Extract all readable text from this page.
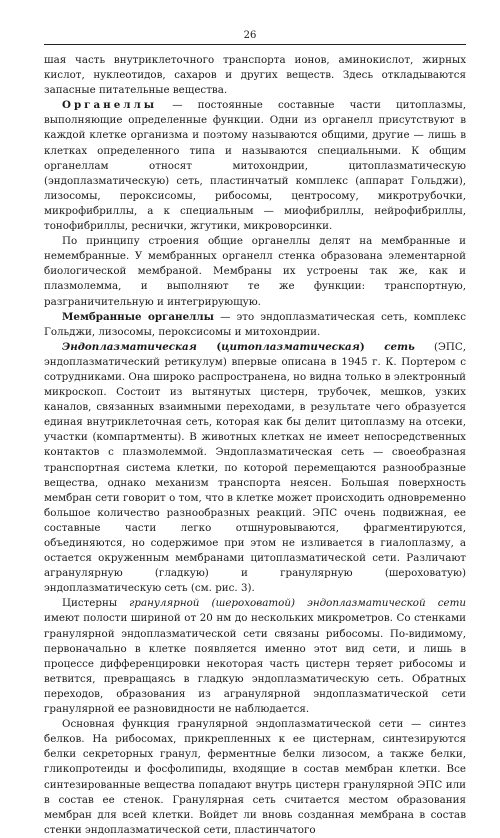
26

шая часть внутриклеточного транспорта ионов, аминокислот, жирных кислот, нуклеотидов, сахаров и других веществ. Здесь откладываются запасные питательные вещества.

Органеллы — постоянные составные части цитоплазмы, выполняющие определенные функции. Одни из органелл присутствуют в каждой клетке организма и поэтому называются общими, другие — лишь в клетках определенного типа и называются специальными. К общим органеллам относят митохондрии, цитоплазматическую (эндоплазматическую) сеть, пластинчатый комплекс (аппарат Гольджи), лизосомы, пероксисомы, рибосомы, центросому, микротрубочки, микрофибриллы, а к специальным — миофибриллы, нейрофибриллы, тонофибриллы, реснички, жгутики, микроворсинки.

По принципу строения общие органеллы делят на мембранные и немембранные. У мембранных органелл стенка образована элементарной биологической мембраной. Мембраны их устроены так же, как и плазмолемма, и выполняют те же функции: транспортную, разграничительную и интегрирующую.

Мембранные органеллы — это эндоплазматическая сеть, комплекс Гольджи, лизосомы, пероксисомы и митохондрии.

Эндоплазматическая (цитоплазматическая) сеть (ЭПС, эндоплазматический ретикулум) впервые описана в 1945 г. К. Портером с сотрудниками. Она широко распространена, но видна только в электронный микроскоп. Состоит из вытянутых цистерн, трубочек, мешков, узких каналов, связанных взаимными переходами, в результате чего образуется единая внутриклеточная сеть, которая как бы делит цитоплазму на отсеки, участки (компартменты). В животных клетках не имеет непосредственных контактов с плазмолеммой. Эндоплазматическая сеть — своеобразная транспортная система клетки, по которой перемещаются разнообразные вещества, однако механизм транспорта неясен. Большая поверхность мембран сети говорит о том, что в клетке может происходить одновременно большое количество разнообразных реакций. ЭПС очень подвижная, ее составные части легко отшнуровываются, фрагментируются, объединяются, но содержимое при этом не изливается в гиалоплазму, а остается окруженным мембранами цитоплазматической сети. Различают агранулярную (гладкую) и гранулярную (шероховатую) эндоплазматическую сеть (см. рис. 3).

Цистерны гранулярной (шероховатой) эндоплазматической сети имеют полости шириной от 20 нм до нескольких микрометров. Со стенками гранулярной эндоплазматической сети связаны рибосомы. По-видимому, первоначально в клетке появляется именно этот вид сети, и лишь в процессе дифференцировки некоторая часть цистерн теряет рибосомы и ветвится, превращаясь в гладкую эндоплазматическую сеть. Обратных переходов, образования из агранулярной эндоплазматической сети гранулярной ее разновидности не наблюдается.

Основная функция гранулярной эндоплазматической сети — синтез белков. На рибосомах, прикрепленных к ее цистернам, синтезируются белки секреторных гранул, ферментные белки лизосом, а также белки, гликопротеиды и фосфолипиды, входящие в состав мембран клетки. Все синтезированные вещества попадают внутрь цистерн гранулярной ЭПС или в состав ее стенок. Гранулярная сеть считается местом образования мембран для всей клетки. Войдет ли вновь созданная мембрана в состав стенки эндоплазматической сети, пластинчатого
